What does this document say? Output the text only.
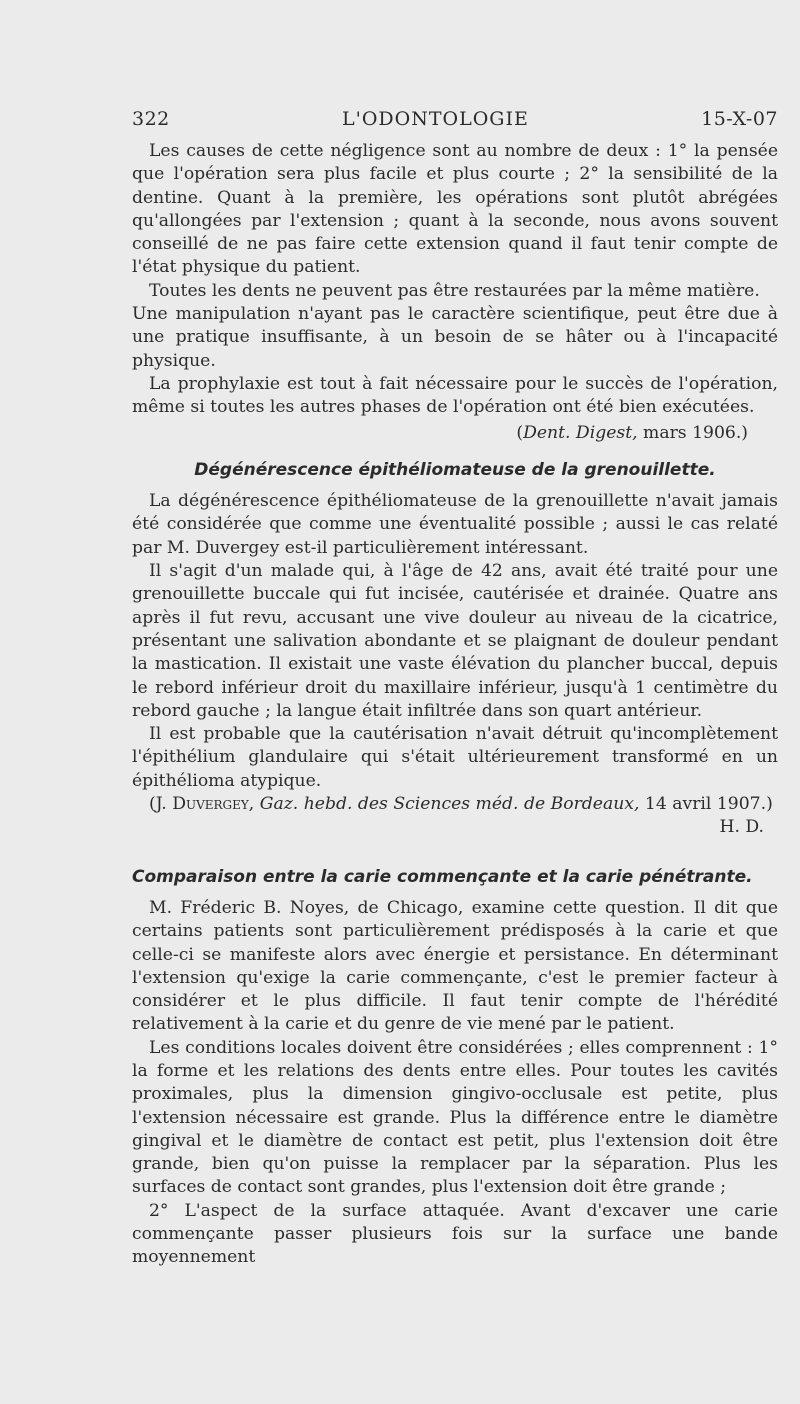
322	L'ODONTOLOGIE	15-X-07

Les causes de cette négligence sont au nombre de deux : 1° la pensée que l'opération sera plus facile et plus courte ; 2° la sensibilité de la dentine. Quant à la première, les opérations sont plutôt abrégées qu'allongées par l'extension ; quant à la seconde, nous avons souvent conseillé de ne pas faire cette extension quand il faut tenir compte de l'état physique du patient.

Toutes les dents ne peuvent pas être restaurées par la même matière.

Une manipulation n'ayant pas le caractère scientifique, peut être due à une pratique insuffisante, à un besoin de se hâter ou à l'incapacité physique.

La prophylaxie est tout à fait nécessaire pour le succès de l'opération, même si toutes les autres phases de l'opération ont été bien exécutées.

(Dent. Digest, mars 1906.)
Dégénérescence épithéliomateuse de la grenouillette.

La dégénérescence épithéliomateuse de la grenouillette n'avait jamais été considérée que comme une éventualité possible ; aussi le cas relaté par M. Duvergey est-il particulièrement intéressant.

Il s'agit d'un malade qui, à l'âge de 42 ans, avait été traité pour une grenouillette buccale qui fut incisée, cautérisée et drainée. Quatre ans après il fut revu, accusant une vive douleur au niveau de la cicatrice, présentant une salivation abondante et se plaignant de douleur pendant la mastication. Il existait une vaste élévation du plancher buccal, depuis le rebord inférieur droit du maxillaire inférieur, jusqu'à 1 centimètre du rebord gauche ; la langue était infiltrée dans son quart antérieur.

Il est probable que la cautérisation n'avait détruit qu'incomplètement l'épithélium glandulaire qui s'était ultérieurement transformé en un épithélioma atypique.

(J. Duvergey, Gaz. hebd. des Sciences méd. de Bordeaux, 14 avril 1907.)

H. D.
Comparaison entre la carie commençante et la carie pénétrante.

M. Fréderic B. Noyes, de Chicago, examine cette question. Il dit que certains patients sont particulièrement prédisposés à la carie et que celle-ci se manifeste alors avec énergie et persistance. En déterminant l'extension qu'exige la carie commençante, c'est le premier facteur à considérer et le plus difficile. Il faut tenir compte de l'hérédité relativement à la carie et du genre de vie mené par le patient.

Les conditions locales doivent être considérées ; elles comprennent : 1° la forme et les relations des dents entre elles. Pour toutes les cavités proximales, plus la dimension gingivo-occlusale est petite, plus l'extension nécessaire est grande. Plus la différence entre le diamètre gingival et le diamètre de contact est petit, plus l'extension doit être grande, bien qu'on puisse la remplacer par la séparation. Plus les surfaces de contact sont grandes, plus l'extension doit être grande ;

2° L'aspect de la surface attaquée. Avant d'excaver une carie commençante passer plusieurs fois sur la surface une bande moyennement
